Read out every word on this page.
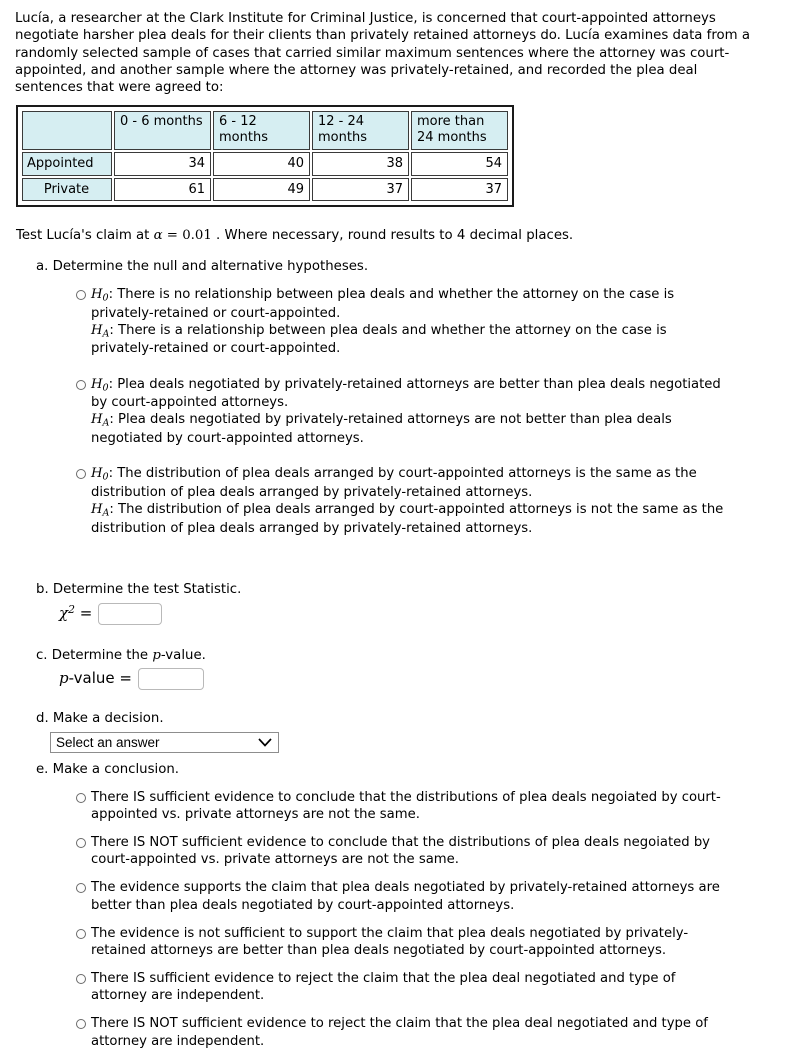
Lucía, a researcher at the Clark Institute for Criminal Justice, is concerned that court-appointed attorneys negotiate harsher plea deals for their clients than privately retained attorneys do. Lucía examines data from a randomly selected sample of cases that carried similar maximum sentences where the attorney was court-appointed, and another sample where the attorney was privately-retained, and recorded the plea deal sentences that were agreed to:
	0 - 6 months	6 - 12 months	12 - 24 months	more than 24 months
Appointed	34	40	38	54
Private	61	49	37	37
Test Lucía's claim at α = 0.01 . Where necessary, round results to 4 decimal places.
a. Determine the null and alternative hypotheses.
$H_0$: There is no relationship between plea deals and whether the attorney on the case is privately-retained or court-appointed.
$H_A$: There is a relationship between plea deals and whether the attorney on the case is privately-retained or court-appointed.
$H_0$: Plea deals negotiated by privately-retained attorneys are better than plea deals negotiated by court-appointed attorneys.
$H_A$: Plea deals negotiated by privately-retained attorneys are not better than plea deals negotiated by court-appointed attorneys.
$H_0$: The distribution of plea deals arranged by court-appointed attorneys is the same as the distribution of plea deals arranged by privately-retained attorneys.
$H_A$: The distribution of plea deals arranged by court-appointed attorneys is not the same as the distribution of plea deals arranged by privately-retained attorneys.
b. Determine the test Statistic.
$\chi^2$ =
c. Determine the p-value.
p-value =
d. Make a decision.
Select an answer
e. Make a conclusion.
There IS sufficient evidence to conclude that the distributions of plea deals negoiated by court-appointed vs. private attorneys are not the same.
There IS NOT sufficient evidence to conclude that the distributions of plea deals negoiated by court-appointed vs. private attorneys are not the same.
The evidence supports the claim that plea deals negotiated by privately-retained attorneys are better than plea deals negotiated by court-appointed attorneys.
The evidence is not sufficient to support the claim that plea deals negotiated by privately-retained attorneys are better than plea deals negotiated by court-appointed attorneys.
There IS sufficient evidence to reject the claim that the plea deal negotiated and type of attorney are independent.
There IS NOT sufficient evidence to reject the claim that the plea deal negotiated and type of attorney are independent.
